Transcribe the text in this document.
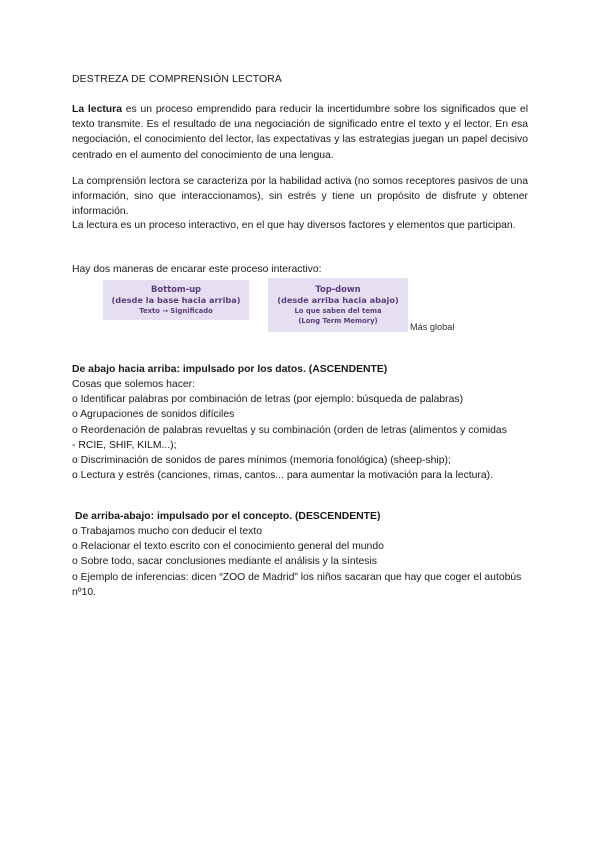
DESTREZA DE COMPRENSIÓN LECTORA
La lectura es un proceso emprendido para reducir la incertidumbre sobre los significados que el texto transmite. Es el resultado de una negociación de significado entre el texto y el lector. En esa negociación, el conocimiento del lector, las expectativas y las estrategias juegan un papel decisivo centrado en el aumento del conocimiento de una lengua.
La comprensión lectora se caracteriza por la habilidad activa (no somos receptores pasivos de una información, sino que interaccionamos), sin estrés y tiene un propósito de disfrute y obtener información.
La lectura es un proceso interactivo, en el que hay diversos factores y elementos que participan.
Hay dos maneras de encarar este proceso interactivo:
Bottom-up
(desde la base hacia arriba)
Texto → Significado
Top-down
(desde arriba hacia abajo)
Lo que saben del tema
(Long Term Memory)
Más global
De abajo hacia arriba: impulsado por los datos. (ASCENDENTE)
Cosas que solemos hacer:
o Identificar palabras por combinación de letras (por ejemplo: búsqueda de palabras)
o Agrupaciones de sonidos difíciles
o Reordenación de palabras revueltas y su combinación (orden de letras (alimentos y comidas
- RCIE, SHIF, KILM...);
o Discriminación de sonidos de pares mínimos (memoria fonológica) (sheep-ship);
o Lectura y estrés (canciones, rimas, cantos... para aumentar la motivación para la lectura).
De arriba-abajo: impulsado por el concepto. (DESCENDENTE)
o Trabajamos mucho con deducir el texto
o Relacionar el texto escrito con el conocimiento general del mundo
o Sobre todo, sacar conclusiones mediante el análisis y la síntesis
o Ejemplo de inferencias: dicen “ZOO de Madrid” los niños sacaran que hay que coger el autobús nº10.
